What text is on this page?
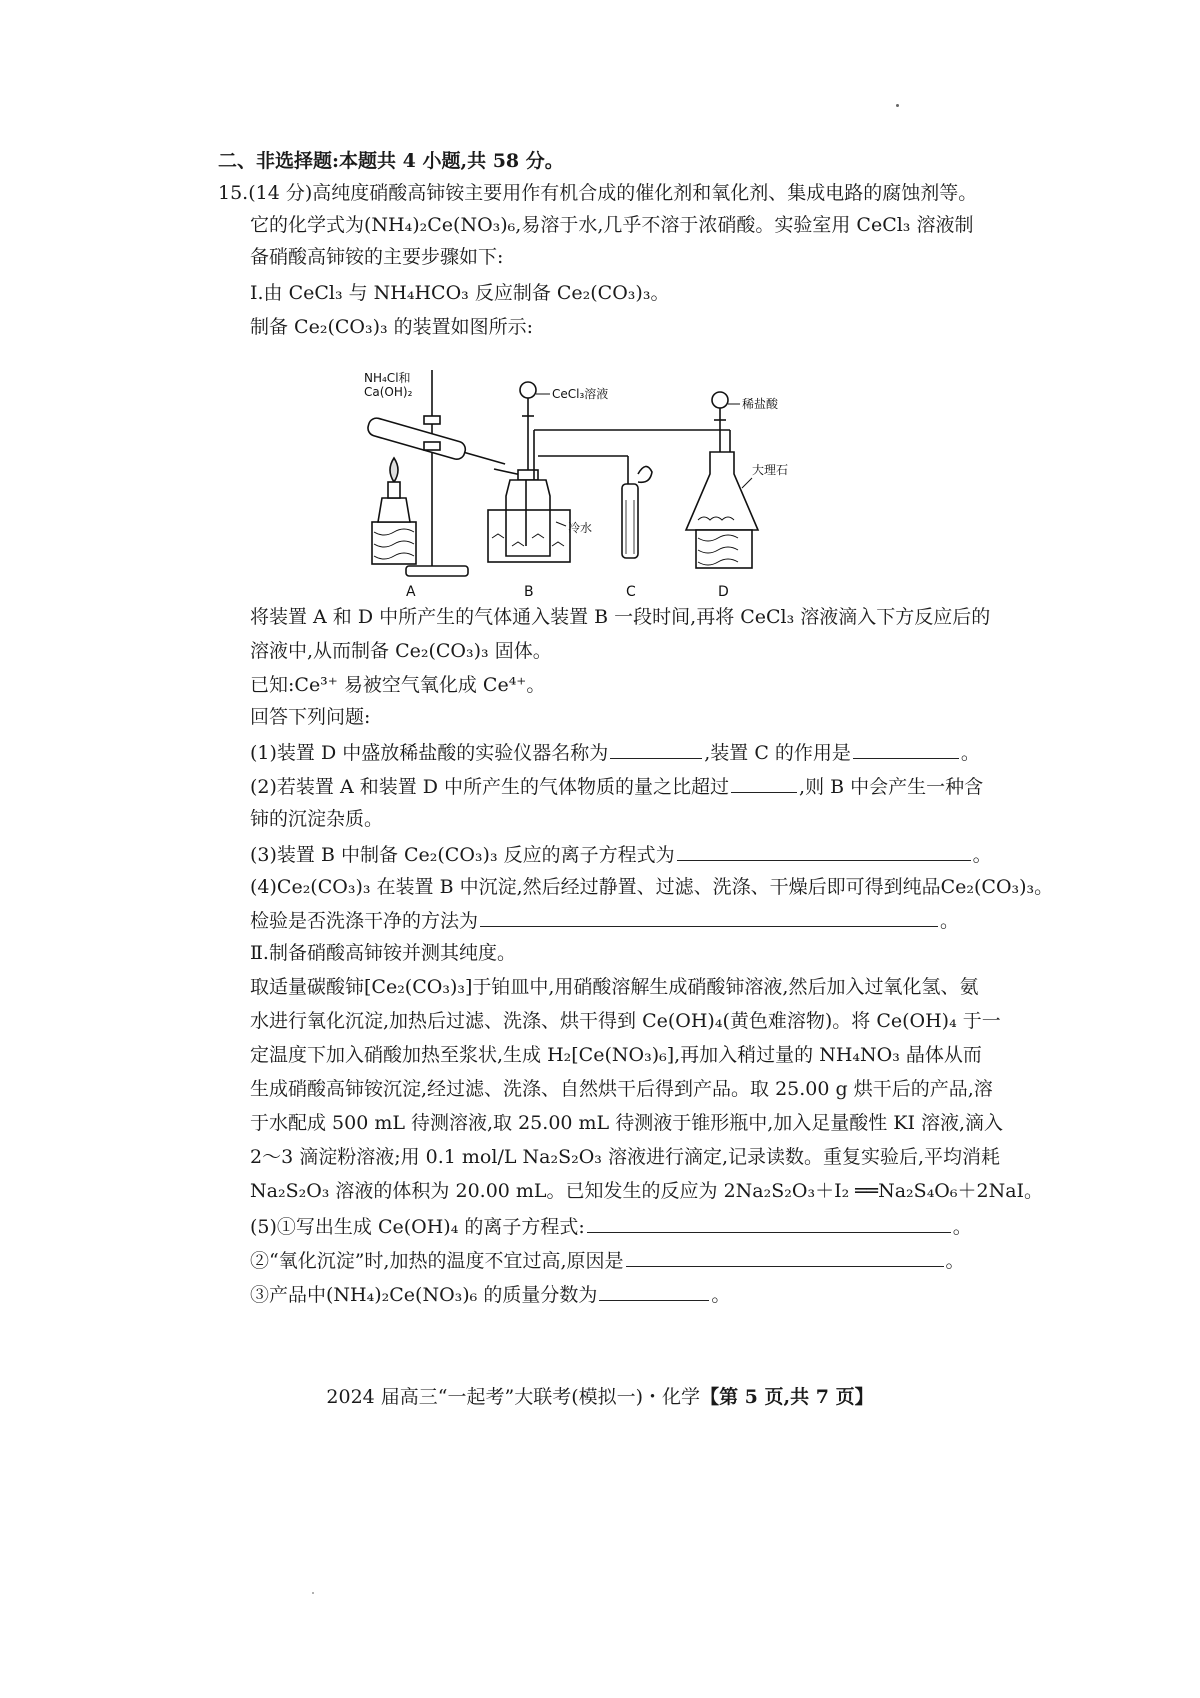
二、非选择题:本题共 4 小题,共 58 分。
15.(14 分)高纯度硝酸高铈铵主要用作有机合成的催化剂和氧化剂、集成电路的腐蚀剂等。
它的化学式为(NH₄)₂Ce(NO₃)₆,易溶于水,几乎不溶于浓硝酸。实验室用 CeCl₃ 溶液制
备硝酸高铈铵的主要步骤如下:
Ⅰ.由 CeCl₃ 与 NH₄HCO₃ 反应制备 Ce₂(CO₃)₃。
制备 Ce₂(CO₃)₃ 的装置如图所示:
NH₄Cl和
Ca(OH)₂	CeCl₃溶液
稀盐酸
大理石
冷水
A	B	C	D
将装置 A 和 D 中所产生的气体通入装置 B 一段时间,再将 CeCl₃ 溶液滴入下方反应后的
溶液中,从而制备 Ce₂(CO₃)₃ 固体。
已知:Ce³⁺ 易被空气氧化成 Ce⁴⁺。
回答下列问题:
(1)装置 D 中盛放稀盐酸的实验仪器名称为	,装置 C 的作用是	。
(2)若装置 A 和装置 D 中所产生的气体物质的量之比超过	,则 B 中会产生一种含
铈的沉淀杂质。
(3)装置 B 中制备 Ce₂(CO₃)₃ 反应的离子方程式为	。
(4)Ce₂(CO₃)₃ 在装置 B 中沉淀,然后经过静置、过滤、洗涤、干燥后即可得到纯品Ce₂(CO₃)₃。
检验是否洗涤干净的方法为	。
Ⅱ.制备硝酸高铈铵并测其纯度。
取适量碳酸铈[Ce₂(CO₃)₃]于铂皿中,用硝酸溶解生成硝酸铈溶液,然后加入过氧化氢、氨
水进行氧化沉淀,加热后过滤、洗涤、烘干得到 Ce(OH)₄(黄色难溶物)。将 Ce(OH)₄ 于一
定温度下加入硝酸加热至浆状,生成 H₂[Ce(NO₃)₆],再加入稍过量的 NH₄NO₃ 晶体从而
生成硝酸高铈铵沉淀,经过滤、洗涤、自然烘干后得到产品。取 25.00 g 烘干后的产品,溶
于水配成 500 mL 待测溶液,取 25.00 mL 待测液于锥形瓶中,加入足量酸性 KI 溶液,滴入
2～3 滴淀粉溶液;用 0.1 mol/L Na₂S₂O₃ 溶液进行滴定,记录读数。重复实验后,平均消耗
Na₂S₂O₃ 溶液的体积为 20.00 mL。已知发生的反应为 2Na₂S₂O₃＋I₂ ══Na₂S₄O₆＋2NaI。
(5)①写出生成 Ce(OH)₄ 的离子方程式:	。
②“氧化沉淀”时,加热的温度不宜过高,原因是	。
③产品中(NH₄)₂Ce(NO₃)₆ 的质量分数为	。
2024 届高三“一起考”大联考(模拟一)・化学【第 5 页,共 7 页】
